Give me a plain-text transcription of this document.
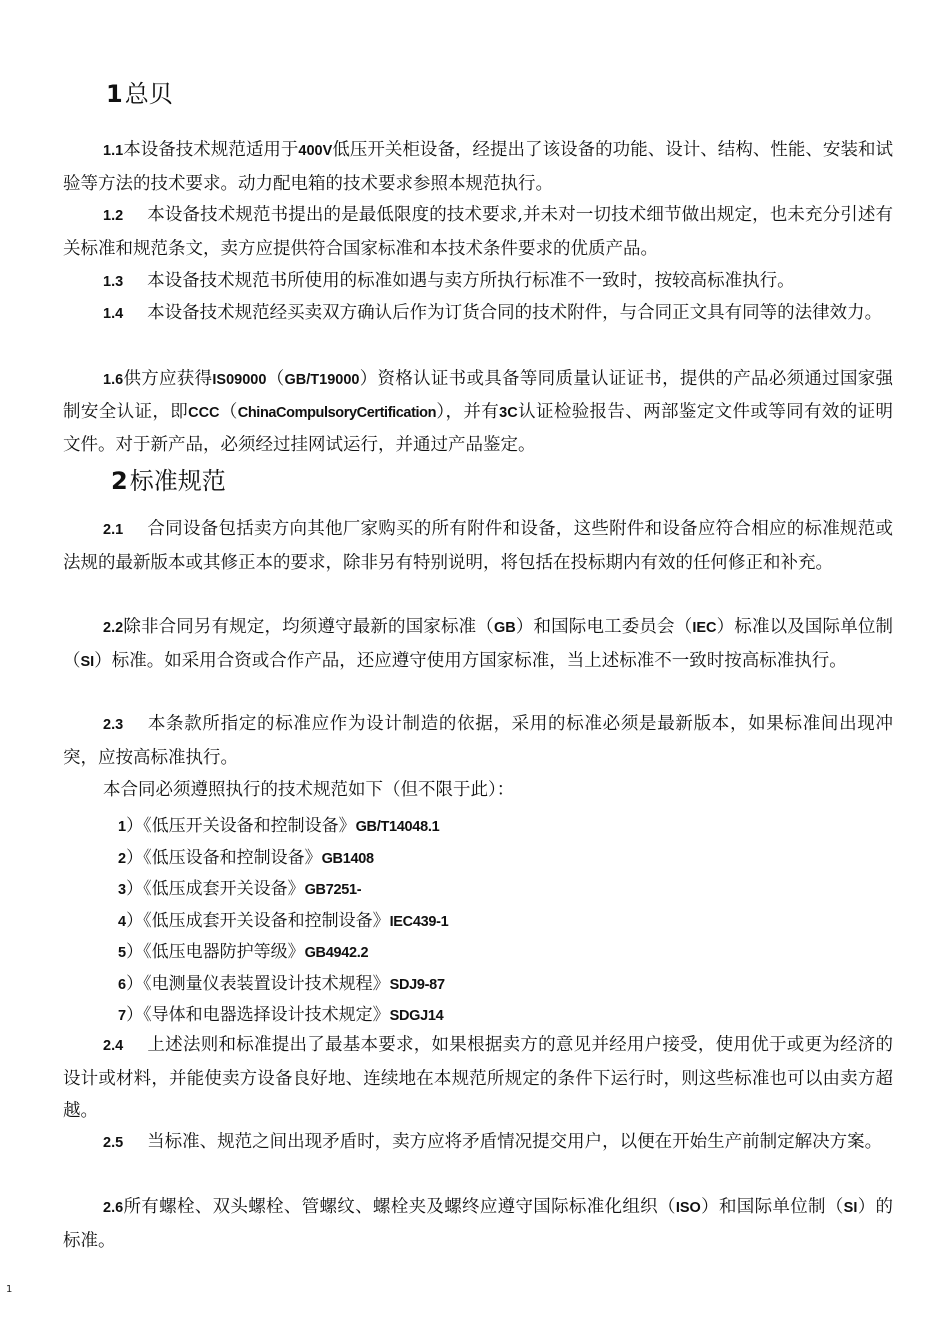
1总贝
1.1本设备技术规范适用于400V低压开关柜设备，经提出了该设备的功能、设计、结构、性能、安装和试验等方法的技术要求。动力配电箱的技术要求参照本规范执行。
1.2 本设备技术规范书提出的是最低限度的技术要求,并未对一切技术细节做出规定，也未充分引述有关标准和规范条文，卖方应提供符合国家标准和本技术条件要求的优质产品。
1.3 本设备技术规范书所使用的标准如遇与卖方所执行标准不一致时，按较高标准执行。
1.4 本设备技术规范经买卖双方确认后作为订货合同的技术附件，与合同正文具有同等的法律效力。
1.6供方应获得IS09000（GB/T19000）资格认证书或具备等同质量认证证书，提供的产品必须通过国家强制安全认证，即CCC（ChinaCompulsoryCertification），并有3C认证检验报告、两部鉴定文件或等同有效的证明文件。对于新产品，必须经过挂网试运行，并通过产品鉴定。
2标准规范
2.1 合同设备包括卖方向其他厂家购买的所有附件和设备，这些附件和设备应符合相应的标准规范或法规的最新版本或其修正本的要求，除非另有特别说明，将包括在投标期内有效的任何修正和补充。
2.2除非合同另有规定，均须遵守最新的国家标准（GB）和国际电工委员会（IEC）标准以及国际单位制（SI）标准。如采用合资或合作产品，还应遵守使用方国家标准，当上述标准不一致时按高标准执行。
2.3 本条款所指定的标准应作为设计制造的依据，采用的标准必须是最新版本，如果标准间出现冲突，应按高标准执行。
本合同必须遵照执行的技术规范如下（但不限于此）：
1）《低压开关设备和控制设备》GB/T14048.1
2）《低压设备和控制设备》GB1408
3）《低压成套开关设备》GB7251-
4）《低压成套开关设备和控制设备》IEC439-1
5）《低压电器防护等级》GB4942.2
6）《电测量仪表装置设计技术规程》SDJ9-87
7）《导体和电器选择设计技术规定》SDGJ14
2.4 上述法则和标准提出了最基本要求，如果根据卖方的意见并经用户接受，使用优于或更为经济的设计或材料，并能使卖方设备良好地、连续地在本规范所规定的条件下运行时，则这些标准也可以由卖方超越。
2.5 当标准、规范之间出现矛盾时，卖方应将矛盾情况提交用户，以便在开始生产前制定解决方案。
2.6所有螺栓、双头螺栓、管螺纹、螺栓夹及螺终应遵守国际标准化组织（ISO）和国际单位制（SI）的标准。
1
